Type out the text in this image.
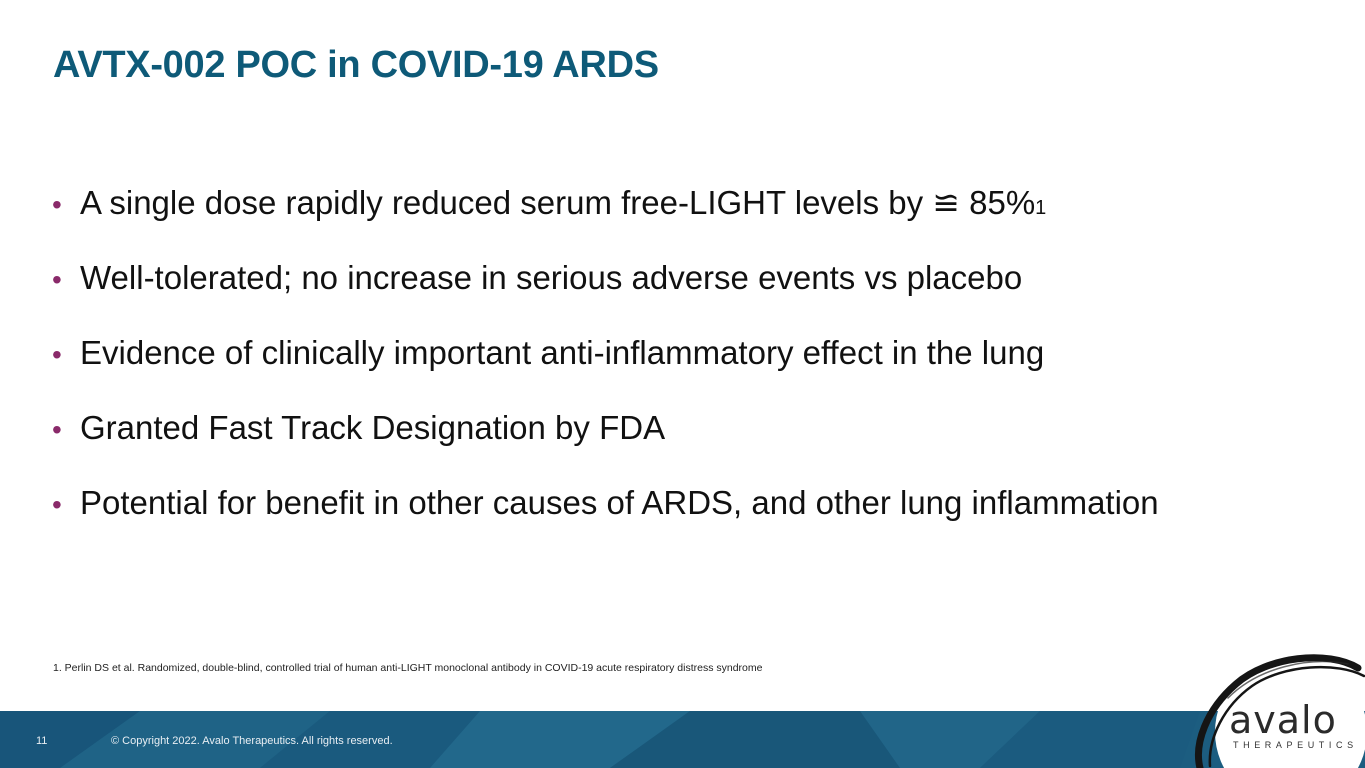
AVTX-002 POC in COVID-19 ARDS
• A single dose rapidly reduced serum free-LIGHT levels by ≌ 85% 1
• Well-tolerated; no increase in serious adverse events vs placebo
• Evidence of clinically important anti-inflammatory effect in the lung
• Granted Fast Track Designation by FDA
• Potential for benefit in other causes of ARDS, and other lung inflammation
1. Perlin DS et al. Randomized, double-blind, controlled trial of human anti-LIGHT monoclonal antibody in COVID-19 acute respiratory distress syndrome
11	© Copyright 2022. Avalo Therapeutics. All rights reserved.	avalo
THERAPEUTICS
